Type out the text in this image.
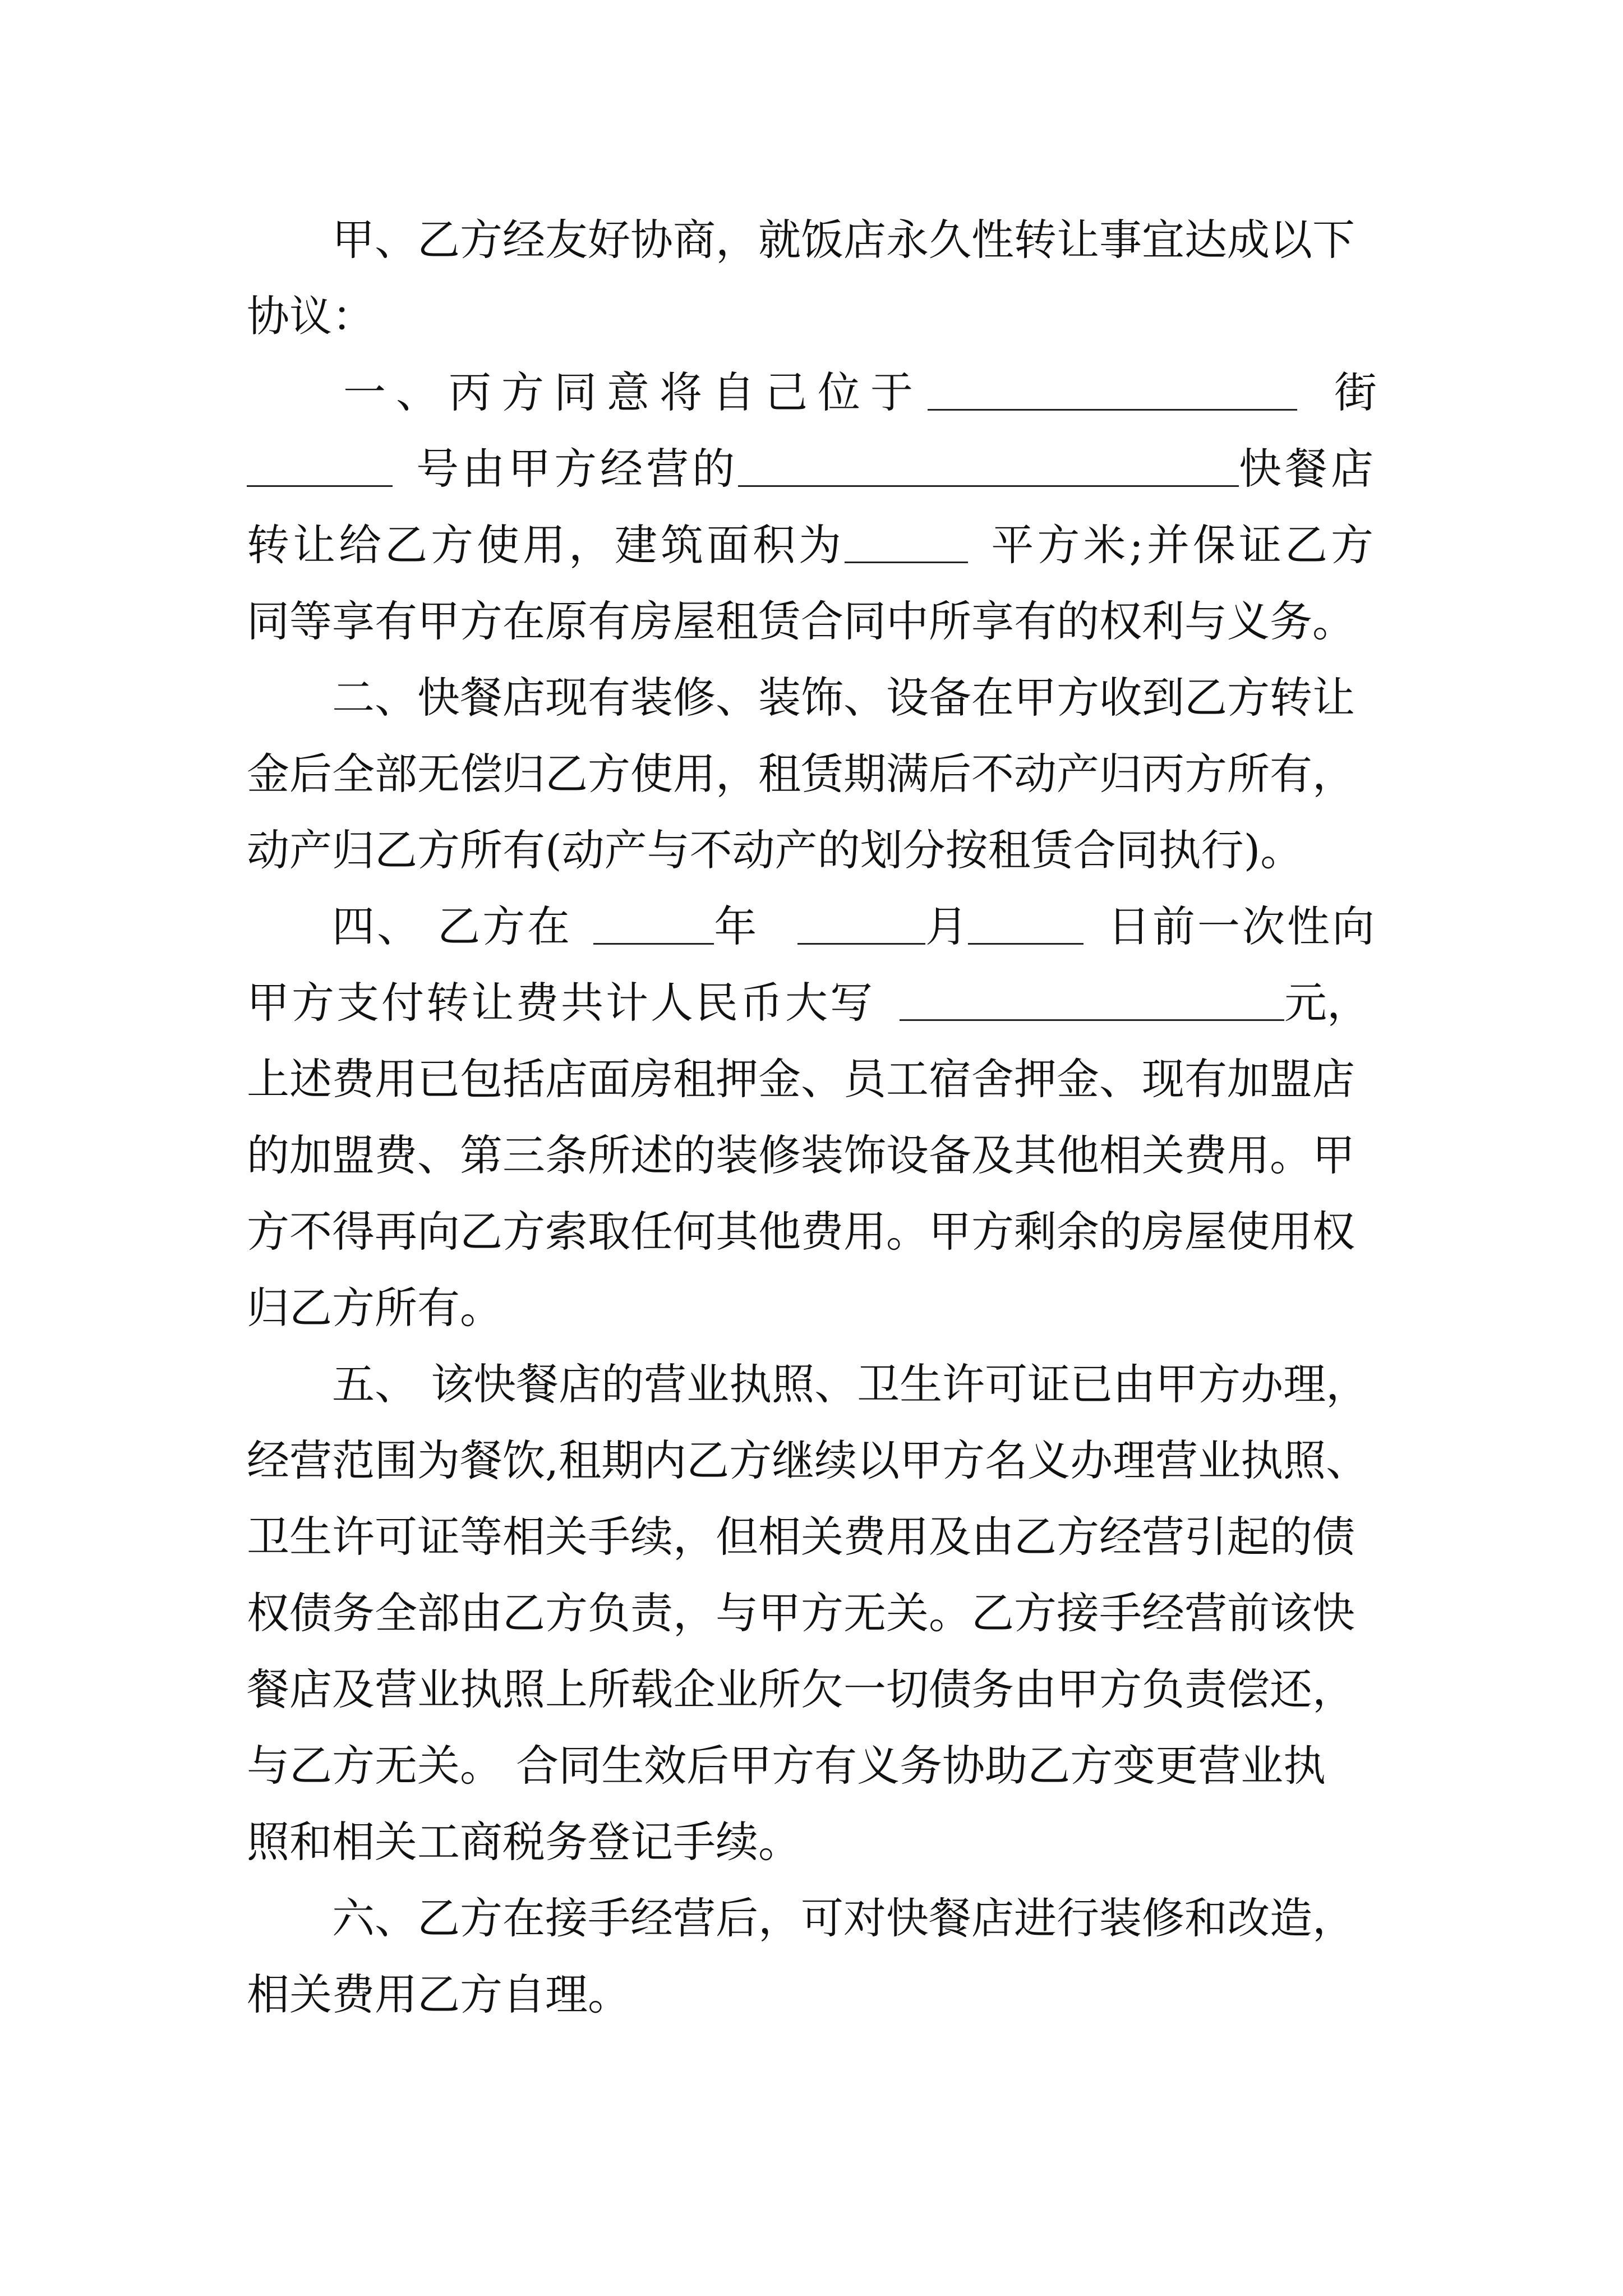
甲、乙方经友好协商，就饭店永久性转让事宜达成以下
协议：
一、丙方同意将自己位于	街
号由甲方经营的	快餐店
转让给乙方使用，建筑面积为	平方米;并保证乙方
同等享有甲方在原有房屋租赁合同中所享有的权利与义务。
二、快餐店现有装修、装饰、设备在甲方收到乙方转让
金后全部无偿归乙方使用，租赁期满后不动产归丙方所有，
动产归乙方所有(动产与不动产的划分按租赁合同执行)。
四、 乙方在	年	月	日前一次性向
甲方支付转让费共计人民币大写	元，
上述费用已包括店面房租押金、员工宿舍押金、现有加盟店
的加盟费、第三条所述的装修装饰设备及其他相关费用。甲
方不得再向乙方索取任何其他费用。甲方剩余的房屋使用权
归乙方所有。
五、 该快餐店的营业执照、卫生许可证已由甲方办理，
经营范围为餐饮,租期内乙方继续以甲方名义办理营业执照、
卫生许可证等相关手续，但相关费用及由乙方经营引起的债
权债务全部由乙方负责，与甲方无关。乙方接手经营前该快
餐店及营业执照上所载企业所欠一切债务由甲方负责偿还，
与乙方无关。 合同生效后甲方有义务协助乙方变更营业执
照和相关工商税务登记手续。
六、乙方在接手经营后，可对快餐店进行装修和改造，
相关费用乙方自理。
